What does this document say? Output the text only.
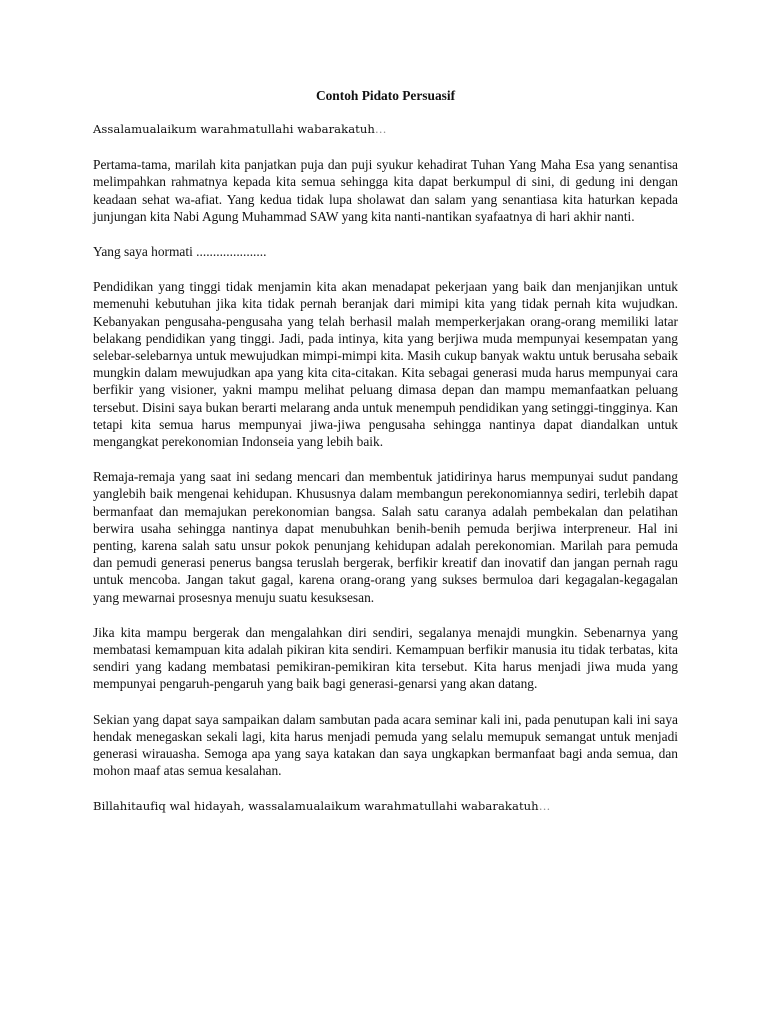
Contoh Pidato Persuasif
Assalamualaikum warahmatullahi wabarakatuh…

Pertama-tama, marilah kita panjatkan puja dan puji syukur kehadirat Tuhan Yang Maha Esa yang senantisa melimpahkan rahmatnya kepada kita semua sehingga kita dapat berkumpul di sini, di gedung ini dengan keadaan sehat wa-afiat. Yang kedua tidak lupa sholawat dan salam yang senantiasa kita haturkan kepada junjungan kita Nabi Agung Muhammad SAW yang kita nanti-nantikan syafaatnya di hari akhir nanti.

Yang saya hormati .....................

Pendidikan yang tinggi tidak menjamin kita akan menadapat pekerjaan yang baik dan menjanjikan untuk memenuhi kebutuhan jika kita tidak pernah beranjak dari mimipi kita yang tidak pernah kita wujudkan. Kebanyakan pengusaha-pengusaha yang telah berhasil malah memperkerjakan orang-orang memiliki latar belakang pendidikan yang tinggi. Jadi, pada intinya, kita yang berjiwa muda mempunyai kesempatan yang selebar-selebarnya untuk mewujudkan mimpi-mimpi kita. Masih cukup banyak waktu untuk berusaha sebaik mungkin dalam mewujudkan apa yang kita cita-citakan. Kita sebagai generasi muda harus mempunyai cara berfikir yang visioner, yakni mampu melihat peluang dimasa depan dan mampu memanfaatkan peluang tersebut. Disini saya bukan berarti melarang anda untuk menempuh pendidikan yang setinggi-tingginya. Kan tetapi kita semua harus mempunyai jiwa-jiwa pengusaha sehingga nantinya dapat diandalkan untuk mengangkat perekonomian Indonseia yang lebih baik.

Remaja-remaja yang saat ini sedang mencari dan membentuk jatidirinya harus mempunyai sudut pandang yanglebih baik mengenai kehidupan. Khususnya dalam membangun perekonomiannya sediri, terlebih dapat bermanfaat dan memajukan perekonomian bangsa. Salah satu caranya adalah pembekalan dan pelatihan berwira usaha sehingga nantinya dapat menubuhkan benih-benih pemuda berjiwa interpreneur. Hal ini penting, karena salah satu unsur pokok penunjang kehidupan adalah perekonomian. Marilah para pemuda dan pemudi generasi penerus bangsa teruslah bergerak, berfikir kreatif dan inovatif dan jangan pernah ragu untuk mencoba. Jangan takut gagal, karena orang-orang yang sukses bermuloa dari kegagalan-kegagalan yang mewarnai prosesnya menuju suatu kesuksesan.

Jika kita mampu bergerak dan mengalahkan diri sendiri, segalanya menajdi mungkin. Sebenarnya yang membatasi kemampuan kita adalah pikiran kita sendiri. Kemampuan berfikir manusia itu tidak terbatas, kita sendiri yang kadang membatasi pemikiran-pemikiran kita tersebut. Kita harus menjadi jiwa muda yang mempunyai pengaruh-pengaruh yang baik bagi generasi-genarsi yang akan datang.

Sekian yang dapat saya sampaikan dalam sambutan pada acara seminar kali ini, pada penutupan kali ini saya hendak menegaskan sekali lagi, kita harus menjadi pemuda yang selalu memupuk semangat untuk menjadi generasi wirauasha. Semoga apa yang saya katakan dan saya ungkapkan bermanfaat bagi anda semua, dan mohon maaf atas semua kesalahan.

Billahitaufiq wal hidayah, wassalamualaikum warahmatullahi wabarakatuh…
